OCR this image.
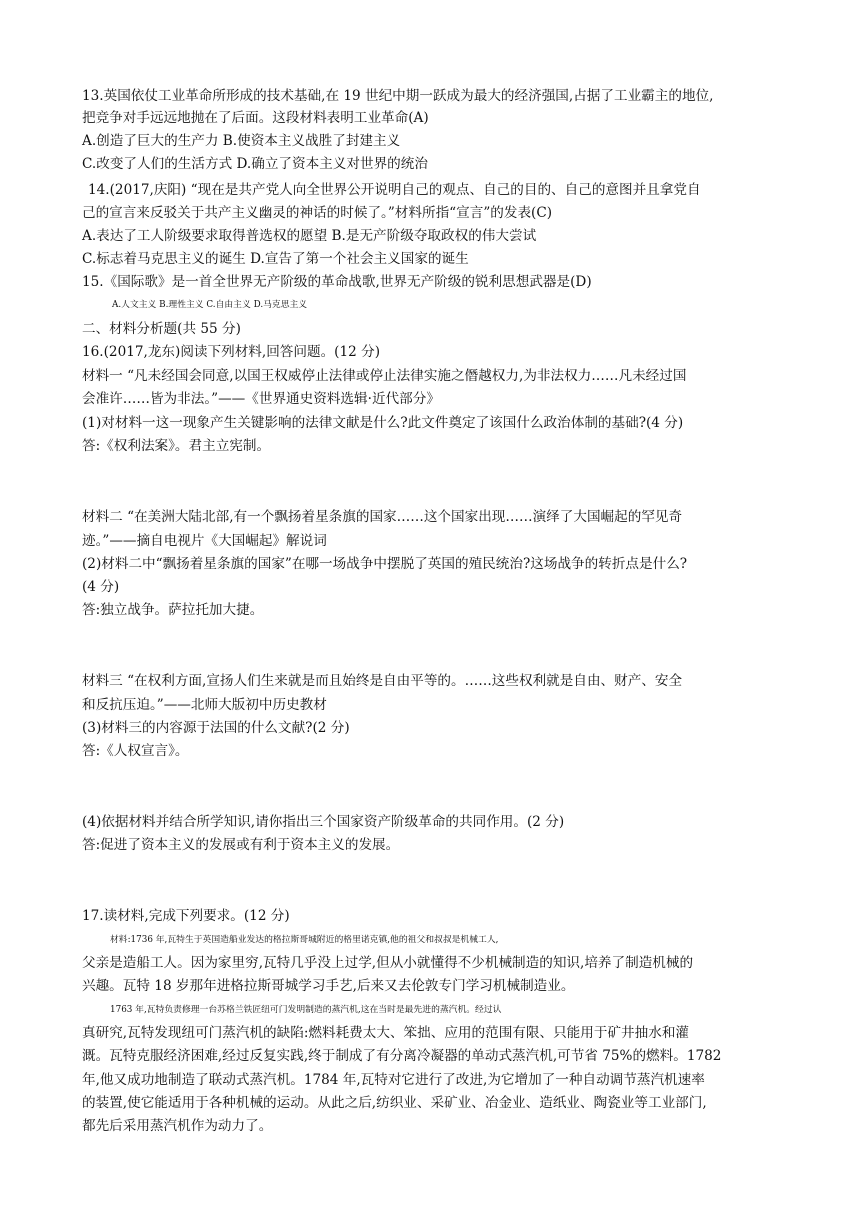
13.英国依仗工业革命所形成的技术基础,在 19 世纪中期一跃成为最大的经济强国,占据了工业霸主的地位,
把竞争对手远远地抛在了后面。这段材料表明工业革命(A)
A.创造了巨大的生产力 B.使资本主义战胜了封建主义
C.改变了人们的生活方式 D.确立了资本主义对世界的统治
14.(2017,庆阳) “现在是共产党人向全世界公开说明自己的观点、自己的目的、自己的意图并且拿党自
己的宣言来反驳关于共产主义幽灵的神话的时候了。”材料所指“宣言”的发表(C)
A.表达了工人阶级要求取得普选权的愿望 B.是无产阶级夺取政权的伟大尝试
C.标志着马克思主义的诞生 D.宣告了第一个社会主义国家的诞生
15.《国际歌》是一首全世界无产阶级的革命战歌,世界无产阶级的锐利思想武器是(D)
A.人文主义 B.理性主义 C.自由主义 D.马克思主义
二、材料分析题(共 55 分)
16.(2017,龙东)阅读下列材料,回答问题。(12 分)
材料一 “凡未经国会同意,以国王权威停止法律或停止法律实施之僭越权力,为非法权力……凡未经过国
会准许……皆为非法。”——《世界通史资料选辑·近代部分》
(1)对材料一这一现象产生关键影响的法律文献是什么?此文件奠定了该国什么政治体制的基础?(4 分)
答:《权利法案》。君主立宪制。
材料二 “在美洲大陆北部,有一个飘扬着星条旗的国家……这个国家出现……演绎了大国崛起的罕见奇
迹。”——摘自电视片《大国崛起》解说词
(2)材料二中“飘扬着星条旗的国家”在哪一场战争中摆脱了英国的殖民统治?这场战争的转折点是什么?
(4 分)
答:独立战争。萨拉托加大捷。
材料三 “在权利方面,宣扬人们生来就是而且始终是自由平等的。……这些权利就是自由、财产、安全
和反抗压迫。”——北师大版初中历史教材
(3)材料三的内容源于法国的什么文献?(2 分)
答:《人权宣言》。
(4)依据材料并结合所学知识,请你指出三个国家资产阶级革命的共同作用。(2 分)
答:促进了资本主义的发展或有利于资本主义的发展。
17.读材料,完成下列要求。(12 分)
材料:1736 年,瓦特生于英国造船业发达的格拉斯哥城附近的格里诺克镇,他的祖父和叔叔是机械工人,
父亲是造船工人。因为家里穷,瓦特几乎没上过学,但从小就懂得不少机械制造的知识,培养了制造机械的
兴趣。瓦特 18 岁那年进格拉斯哥城学习手艺,后来又去伦敦专门学习机械制造业。
1763 年,瓦特负责修理一台苏格兰铁匠纽可门发明制造的蒸汽机,这在当时是最先进的蒸汽机。经过认
真研究,瓦特发现纽可门蒸汽机的缺陷:燃料耗费太大、笨拙、应用的范围有限、只能用于矿井抽水和灌
溉。瓦特克服经济困难,经过反复实践,终于制成了有分离冷凝器的单动式蒸汽机,可节省 75%的燃料。1782
年,他又成功地制造了联动式蒸汽机。1784 年,瓦特对它进行了改进,为它增加了一种自动调节蒸汽机速率
的装置,使它能适用于各种机械的运动。从此之后,纺织业、采矿业、冶金业、造纸业、陶瓷业等工业部门,
都先后采用蒸汽机作为动力了。
